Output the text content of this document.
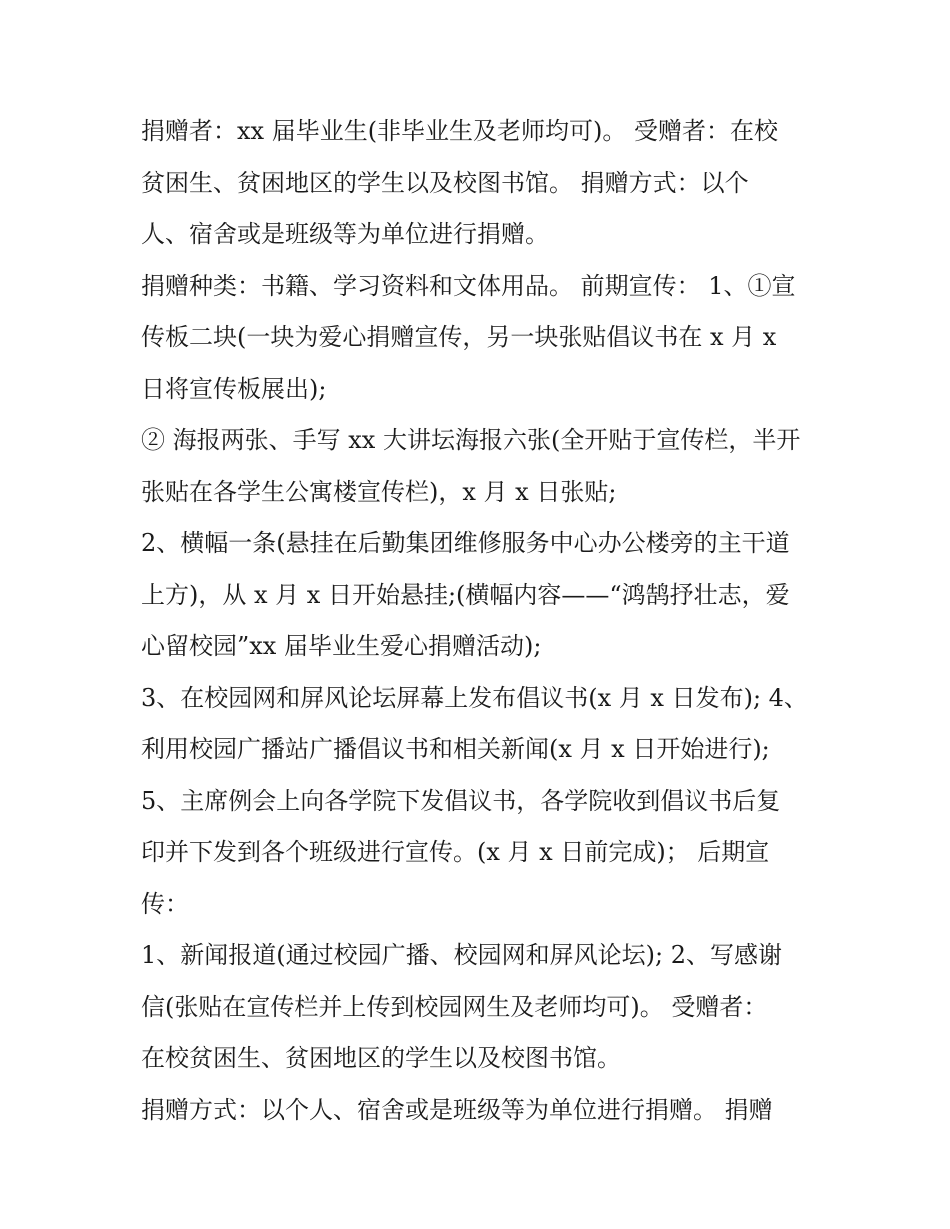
捐赠者：xx 届毕业生(非毕业生及老师均可)。 受赠者：在校
贫困生、贫困地区的学生以及校图书馆。 捐赠方式：以个
人、宿舍或是班级等为单位进行捐赠。
捐赠种类：书籍、学习资料和文体用品。 前期宣传： 1、①宣
传板二块(一块为爱心捐赠宣传，另一块张贴倡议书在 x 月 x
日将宣传板展出);
② 海报两张、手写 xx 大讲坛海报六张(全开贴于宣传栏，半开
张贴在各学生公寓楼宣传栏)，x 月 x 日张贴;
2、横幅一条(悬挂在后勤集团维修服务中心办公楼旁的主干道
上方)，从 x 月 x 日开始悬挂;(横幅内容——“鸿鹄抒壮志，爱
心留校园”xx 届毕业生爱心捐赠活动);
3、在校园网和屏风论坛屏幕上发布倡议书(x 月 x 日发布); 4、
利用校园广播站广播倡议书和相关新闻(x 月 x 日开始进行);
5、主席例会上向各学院下发倡议书，各学院收到倡议书后复
印并下发到各个班级进行宣传。(x 月 x 日前完成)； 后期宣
传：
1、新闻报道(通过校园广播、校园网和屏风论坛); 2、写感谢
信(张贴在宣传栏并上传到校园网生及老师均可)。 受赠者：
在校贫困生、贫困地区的学生以及校图书馆。
捐赠方式：以个人、宿舍或是班级等为单位进行捐赠。 捐赠
